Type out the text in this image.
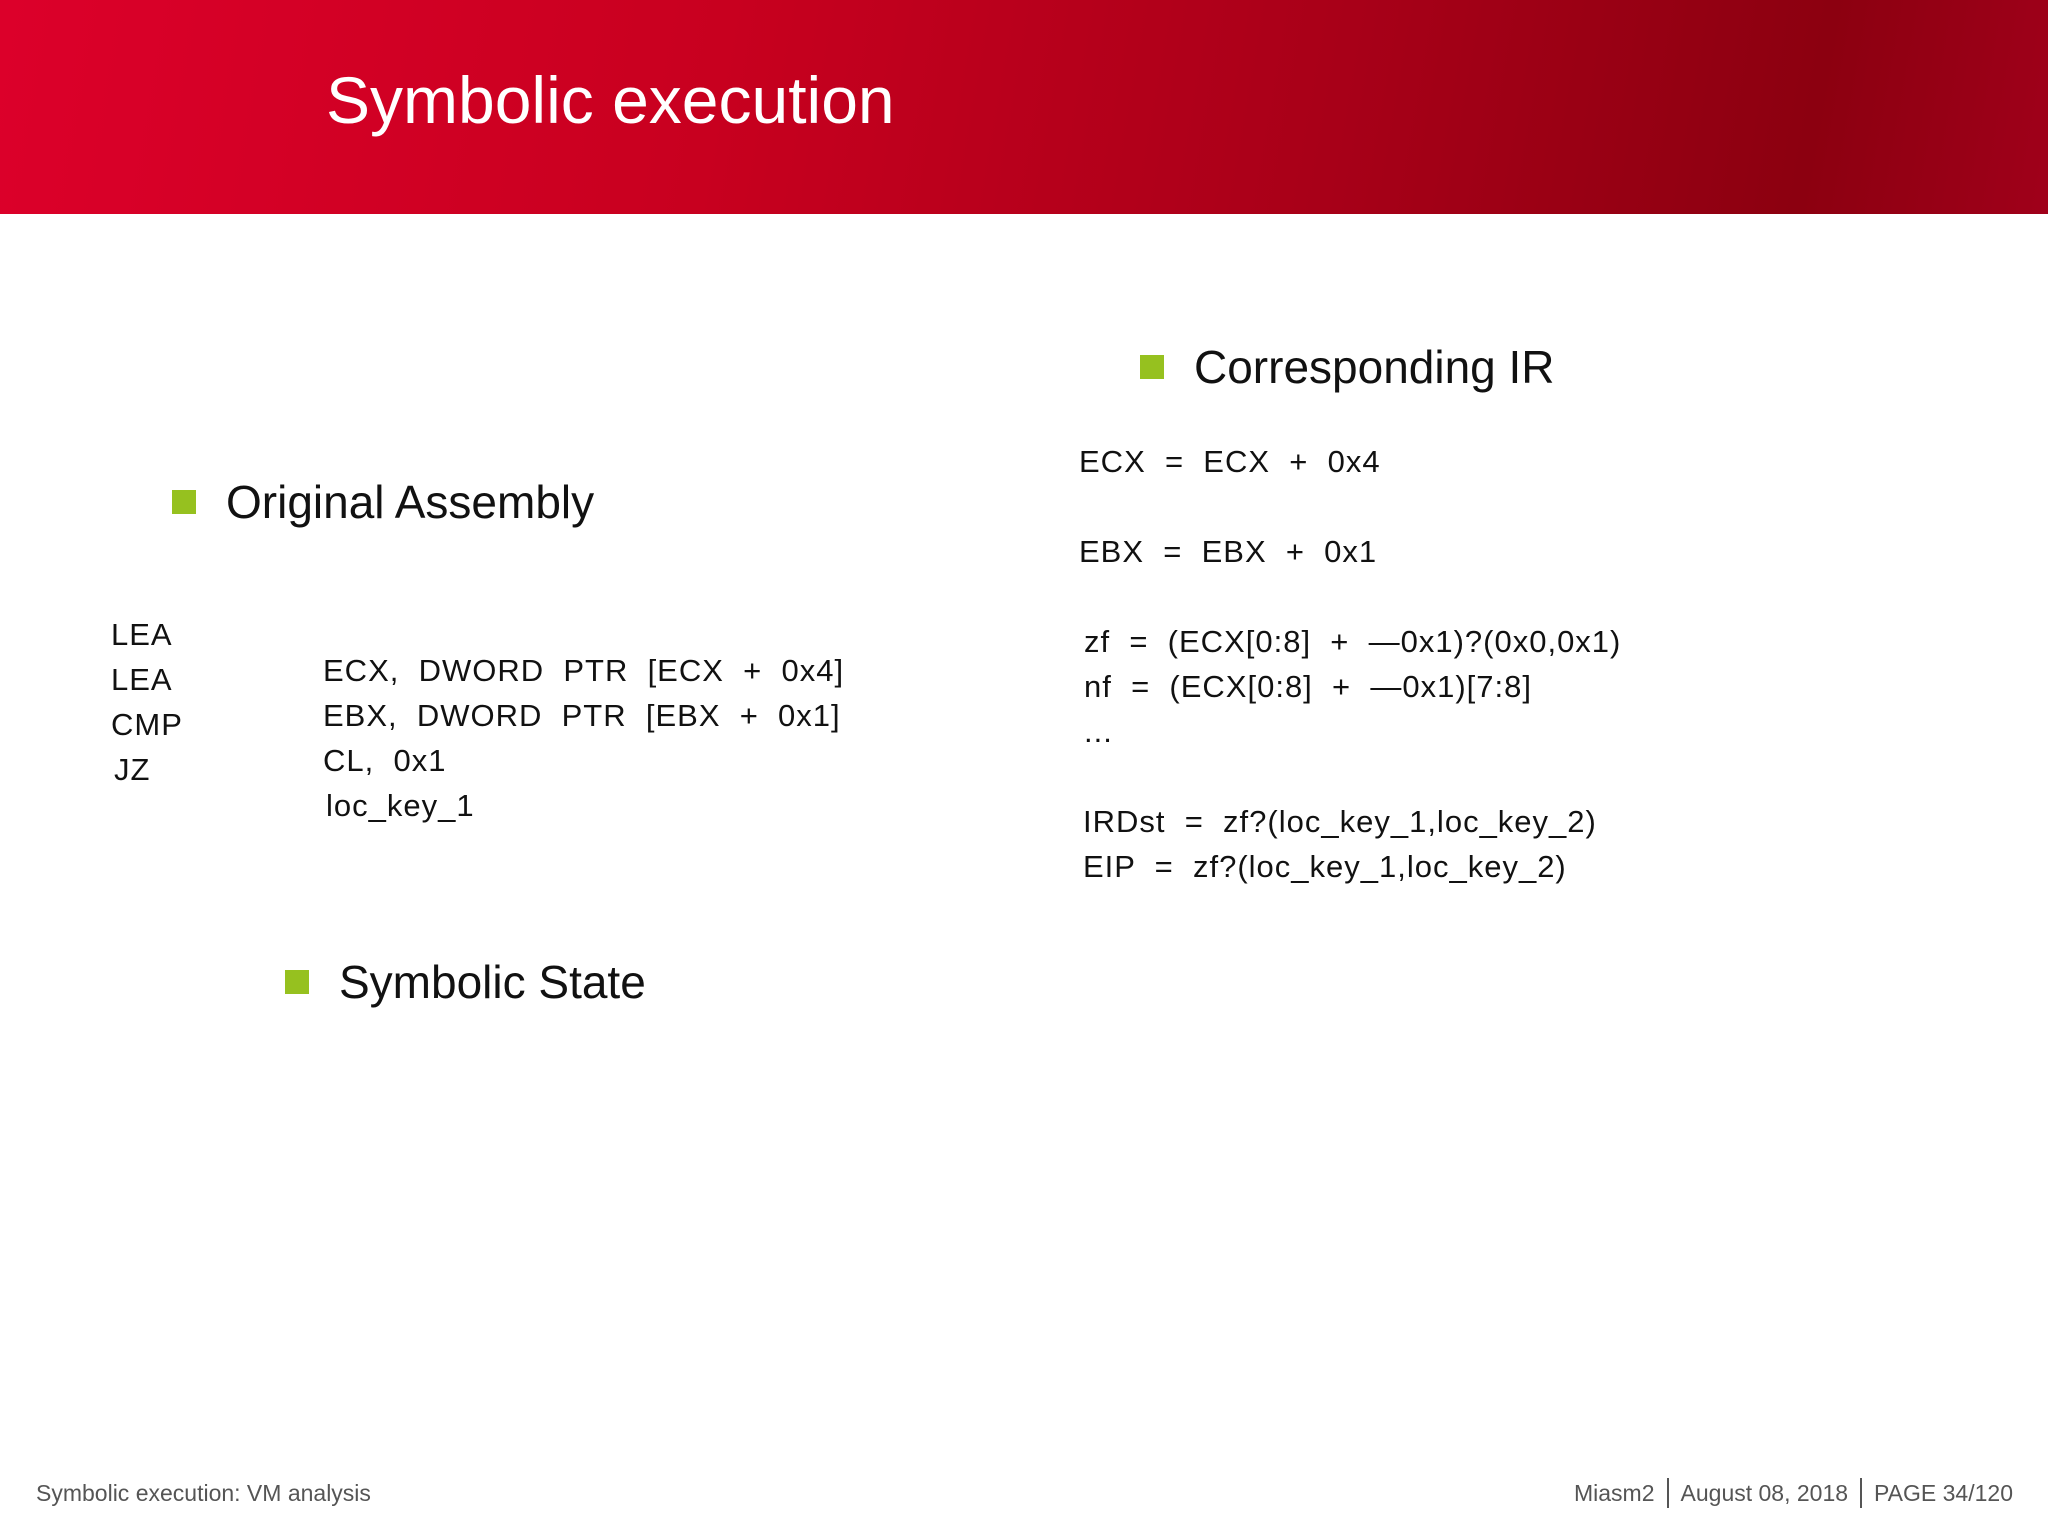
Symbolic execution
Corresponding IR

ECX  =  ECX  +  0x4

EBX  =  EBX  +  0x1

zf  =  (ECX[0:8]  +  —0x1)?(0x0,0x1)

nf  =  (ECX[0:8]  +  —0x1)[7:8]

...

IRDst  =  zf?(loc_key_1,loc_key_2)

EIP  =  zf?(loc_key_1,loc_key_2)

Original Assembly

LEA

ECX,  DWORD  PTR  [ECX  +  0x4]

LEA

EBX,  DWORD  PTR  [EBX  +  0x1]

CMP

CL,  0x1

JZ

loc_key_1

Symbolic State
Symbolic execution: VM analysis	Miasm2 August 08, 2018 PAGE 34/120
